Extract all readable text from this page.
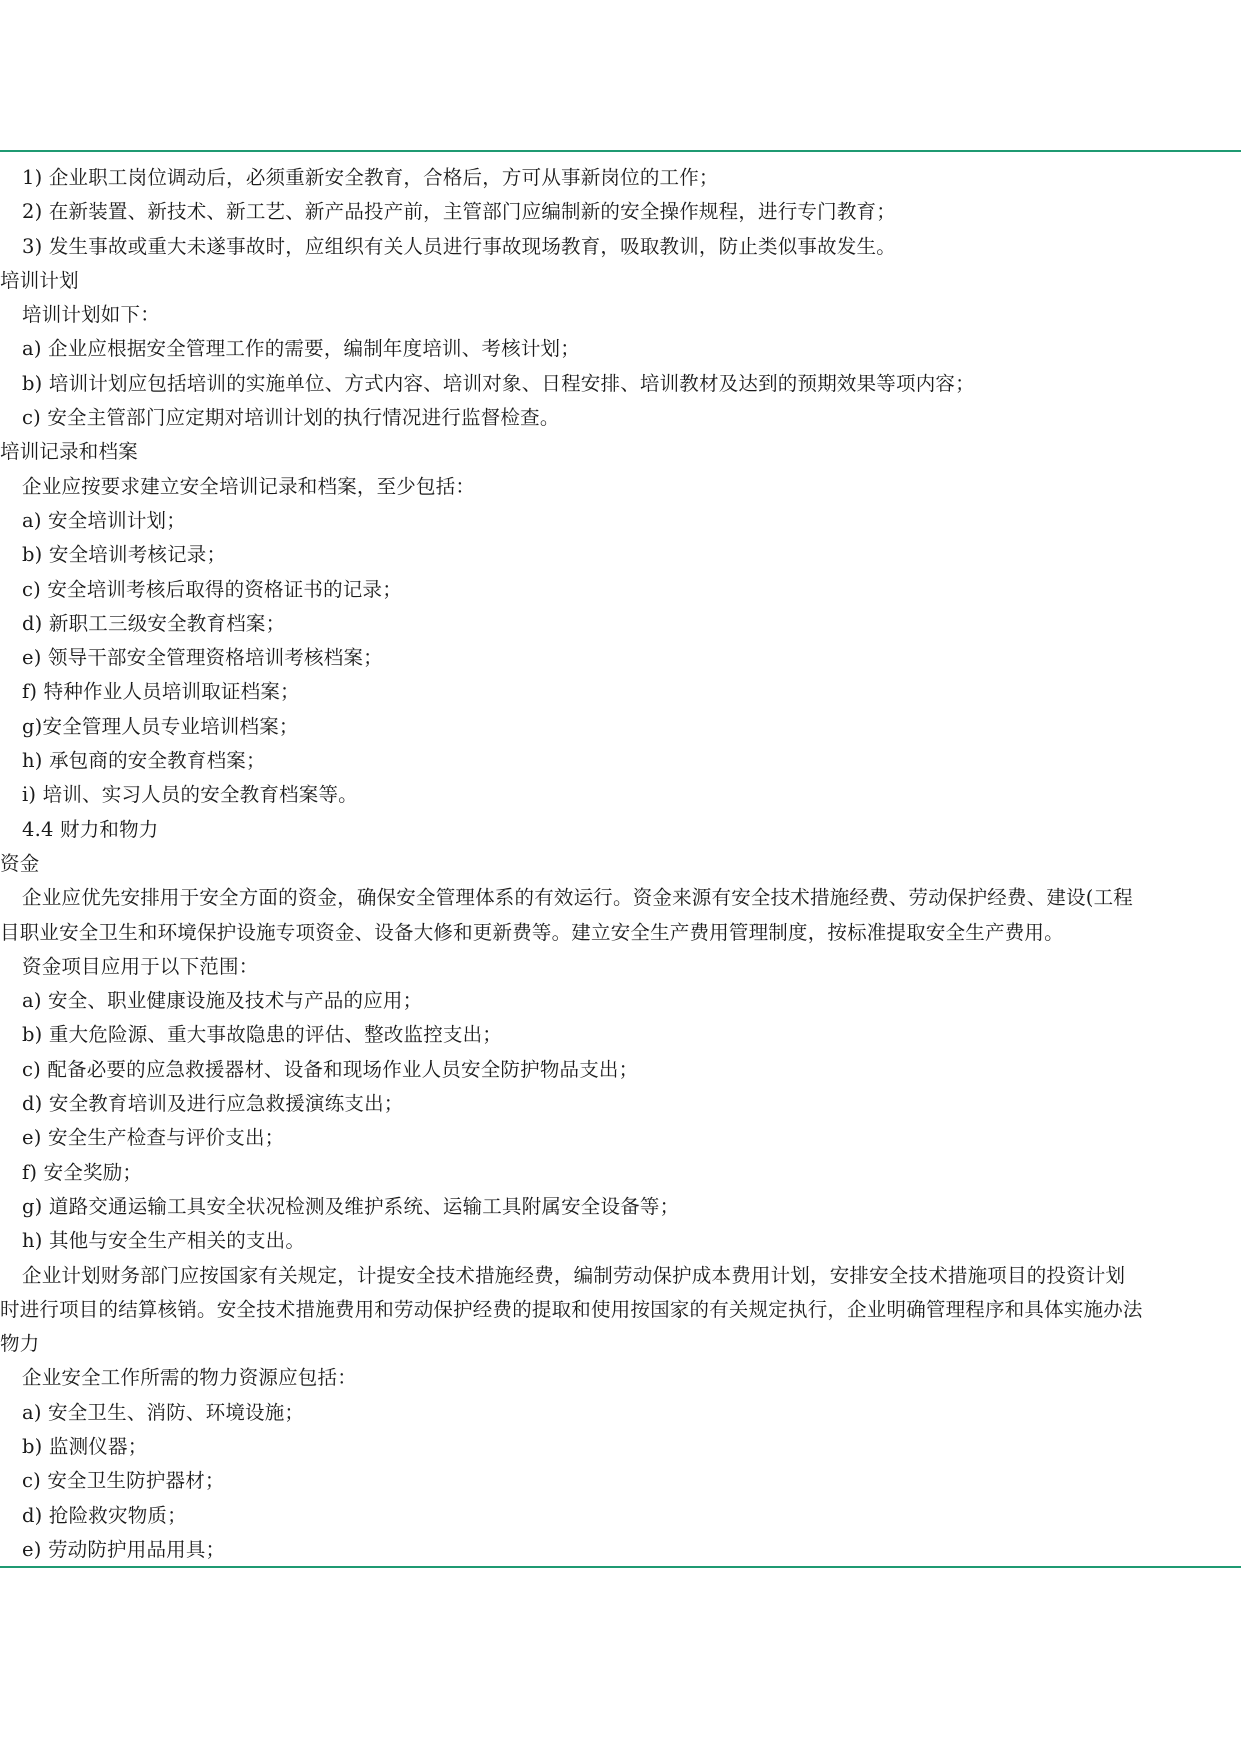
1) 企业职工岗位调动后，必须重新安全教育，合格后，方可从事新岗位的工作；
2) 在新装置、新技术、新工艺、新产品投产前，主管部门应编制新的安全操作规程，进行专门教育；
3) 发生事故或重大未遂事故时，应组织有关人员进行事故现场教育，吸取教训，防止类似事故发生。
培训计划
培训计划如下：
a) 企业应根据安全管理工作的需要，编制年度培训、考核计划；
b) 培训计划应包括培训的实施单位、方式内容、培训对象、日程安排、培训教材及达到的预期效果等项内容；
c) 安全主管部门应定期对培训计划的执行情况进行监督检查。
培训记录和档案
企业应按要求建立安全培训记录和档案，至少包括：
a) 安全培训计划；
b) 安全培训考核记录；
c) 安全培训考核后取得的资格证书的记录；
d) 新职工三级安全教育档案；
e) 领导干部安全管理资格培训考核档案；
f) 特种作业人员培训取证档案；
g)安全管理人员专业培训档案；
h) 承包商的安全教育档案；
i) 培训、实习人员的安全教育档案等。
4.4 财力和物力
资金
企业应优先安排用于安全方面的资金，确保安全管理体系的有效运行。资金来源有安全技术措施经费、劳动保护经费、建设(工程
目职业安全卫生和环境保护设施专项资金、设备大修和更新费等。建立安全生产费用管理制度，按标准提取安全生产费用。
资金项目应用于以下范围：
a) 安全、职业健康设施及技术与产品的应用；
b) 重大危险源、重大事故隐患的评估、整改监控支出；
c) 配备必要的应急救援器材、设备和现场作业人员安全防护物品支出；
d) 安全教育培训及进行应急救援演练支出；
e) 安全生产检查与评价支出；
f) 安全奖励；
g) 道路交通运输工具安全状况检测及维护系统、运输工具附属安全设备等；
h) 其他与安全生产相关的支出。
企业计划财务部门应按国家有关规定，计提安全技术措施经费，编制劳动保护成本费用计划，安排安全技术措施项目的投资计划
时进行项目的结算核销。安全技术措施费用和劳动保护经费的提取和使用按国家的有关规定执行，企业明确管理程序和具体实施办法
物力
企业安全工作所需的物力资源应包括：
a) 安全卫生、消防、环境设施；
b) 监测仪器；
c) 安全卫生防护器材；
d) 抢险救灾物质；
e) 劳动防护用品用具；
